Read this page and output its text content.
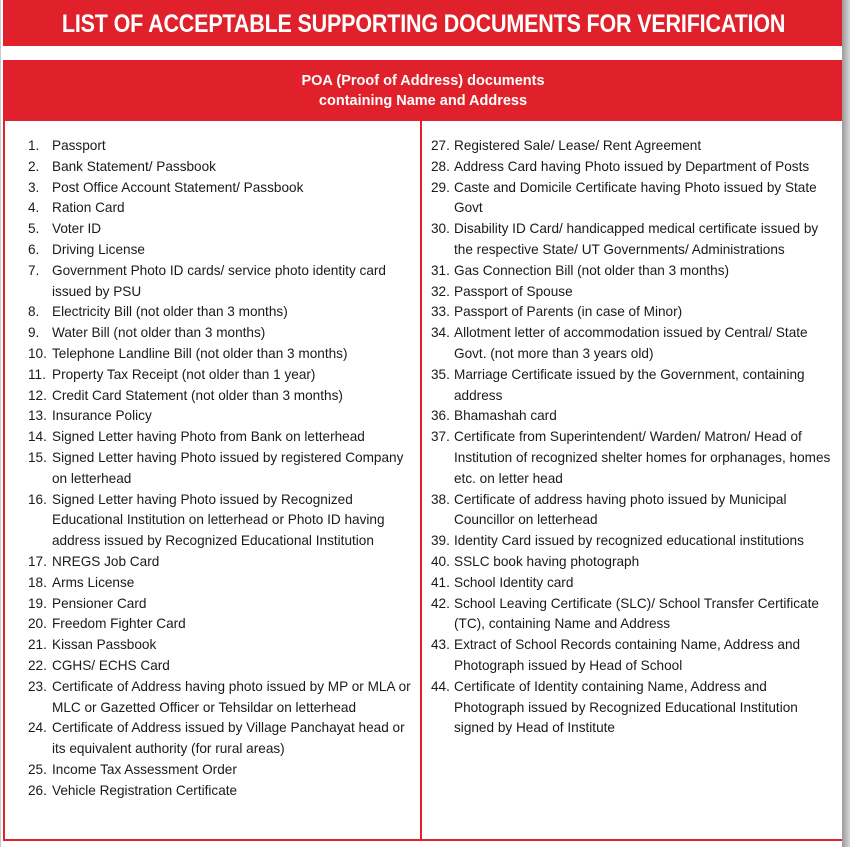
LIST OF ACCEPTABLE SUPPORTING DOCUMENTS FOR VERIFICATION
POA (Proof of Address) documents
containing Name and Address
1. Passport
2. Bank Statement/ Passbook
3. Post Office Account Statement/ Passbook
4. Ration Card
5. Voter ID
6. Driving License
7. Government Photo ID cards/ service photo identity card issued by PSU
8. Electricity Bill (not older than 3 months)
9. Water Bill (not older than 3 months)
10. Telephone Landline Bill (not older than 3 months)
11. Property Tax Receipt (not older than 1 year)
12. Credit Card Statement (not older than 3 months)
13. Insurance Policy
14. Signed Letter having Photo from Bank on letterhead
15. Signed Letter having Photo issued by registered Company on letterhead
16. Signed Letter having Photo issued by Recognized Educational Institution on letterhead or Photo ID having address issued by Recognized Educational Institution
17. NREGS Job Card
18. Arms License
19. Pensioner Card
20. Freedom Fighter Card
21. Kissan Passbook
22. CGHS/ ECHS Card
23. Certificate of Address having photo issued by MP or MLA or MLC or Gazetted Officer or Tehsildar on letterhead
24. Certificate of Address issued by Village Panchayat head or its equivalent authority (for rural areas)
25. Income Tax Assessment Order
26. Vehicle Registration Certificate
27. Registered Sale/ Lease/ Rent Agreement
28. Address Card having Photo issued by Department of Posts
29. Caste and Domicile Certificate having Photo issued by State Govt
30. Disability ID Card/ handicapped medical certificate issued by the respective State/ UT Governments/ Administrations
31. Gas Connection Bill (not older than 3 months)
32. Passport of Spouse
33. Passport of Parents (in case of Minor)
34. Allotment letter of accommodation issued by Central/ State Govt. (not more than 3 years old)
35. Marriage Certificate issued by the Government, containing address
36. Bhamashah card
37. Certificate from Superintendent/ Warden/ Matron/ Head of Institution of recognized shelter homes for orphanages, homes etc. on letter head
38. Certificate of address having photo issued by Municipal Councillor on letterhead
39. Identity Card issued by recognized educational institutions
40. SSLC book having photograph
41. School Identity card
42. School Leaving Certificate (SLC)/ School Transfer Certificate (TC), containing Name and Address
43. Extract of School Records containing Name, Address and Photograph issued by Head of School
44. Certificate of Identity containing Name, Address and Photograph issued by Recognized Educational Institution signed by Head of Institute
